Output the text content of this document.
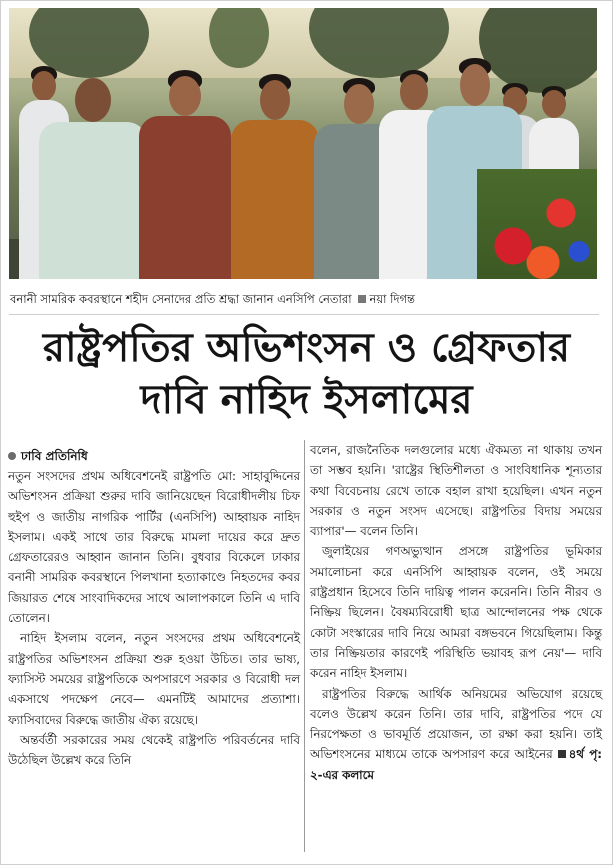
বনানী সামরিক কবরস্থানে শহীদ সেনাদের প্রতি শ্রদ্ধা জানান এনসিপি নেতারা নয়া দিগন্ত
রাষ্ট্রপতির অভিশংসন ও গ্রেফতার
দাবি নাহিদ ইসলামের

নতুন সংসদের প্রথম অধিবেশনেই রাষ্ট্রপতি মো: সাহাবুদ্দিনের অভিশংসন প্রক্রিয়া শুরুর দাবি জানিয়েছেন বিরোধীদলীয় চিফ হুইপ ও জাতীয় নাগরিক পার্টির (এনসিপি) আহ্বায়ক নাহিদ ইসলাম। একই সাথে তার বিরুদ্ধে মামলা দায়ের করে দ্রুত গ্রেফতারেরও আহ্বান জানান তিনি। বুধবার বিকেলে ঢাকার বনানী সামরিক কবরস্থানে পিলখানা হত্যাকাণ্ডে নিহতদের কবর জিয়ারত শেষে সাংবাদিকদের সাথে আলাপকালে তিনি এ দাবি তোলেন।

নাহিদ ইসলাম বলেন, নতুন সংসদের প্রথম অধিবেশনেই রাষ্ট্রপতির অভিশংসন প্রক্রিয়া শুরু হওয়া উচিত। তার ভাষ্য, ফ্যাসিস্ট সময়ের রাষ্ট্রপতিকে অপসারণে সরকার ও বিরোধী দল একসাথে পদক্ষেপ নেবে— এমনটিই আমাদের প্রত্যাশা। ফ্যাসিবাদের বিরুদ্ধে জাতীয় ঐক্য রয়েছে।

অন্তর্বর্তী সরকারের সময় থেকেই রাষ্ট্রপতি পরিবর্তনের দাবি উঠেছিল উল্লেখ করে তিনি

ঢাবি প্রতিনিধি	বলেন, রাজনৈতিক দলগুলোর মধ্যে ঐকমত্য না থাকায় তখন তা সম্ভব হয়নি। 'রাষ্ট্রের স্থিতিশীলতা ও সাংবিধানিক শূন্যতার কথা বিবেচনায় রেখে তাকে বহাল রাখা হয়েছিল। এখন নতুন সরকার ও নতুন সংসদ এসেছে। রাষ্ট্রপতির বিদায় সময়ের ব্যাপার'— বলেন তিনি।

জুলাইয়ের গণঅভ্যুত্থান প্রসঙ্গে রাষ্ট্রপতির ভূমিকার সমালোচনা করে এনসিপি আহ্বায়ক বলেন, ওই সময়ে রাষ্ট্রপ্রধান হিসেবে তিনি দায়িত্ব পালন করেননি। তিনি নীরব ও নিষ্ক্রিয় ছিলেন। বৈষম্যবিরোধী ছাত্র আন্দোলনের পক্ষ থেকে কোটা সংস্কারের দাবি নিয়ে আমরা বঙ্গভবনে গিয়েছিলাম। কিন্তু তার নিষ্ক্রিয়তার কারণেই পরিস্থিতি ভয়াবহ রূপ নেয়'— দাবি করেন নাহিদ ইসলাম।

রাষ্ট্রপতির বিরুদ্ধে আর্থিক অনিয়মের অভিযোগ রয়েছে বলেও উল্লেখ করেন তিনি। তার দাবি, রাষ্ট্রপতির পদে যে নিরপেক্ষতা ও ভাবমূর্তি প্রয়োজন, তা রক্ষা করা হয়নি। তাই অভিশংসনের মাধ্যমে তাকে অপসারণ করে আইনের ৪র্থ পৃ: ২-এর কলামে
